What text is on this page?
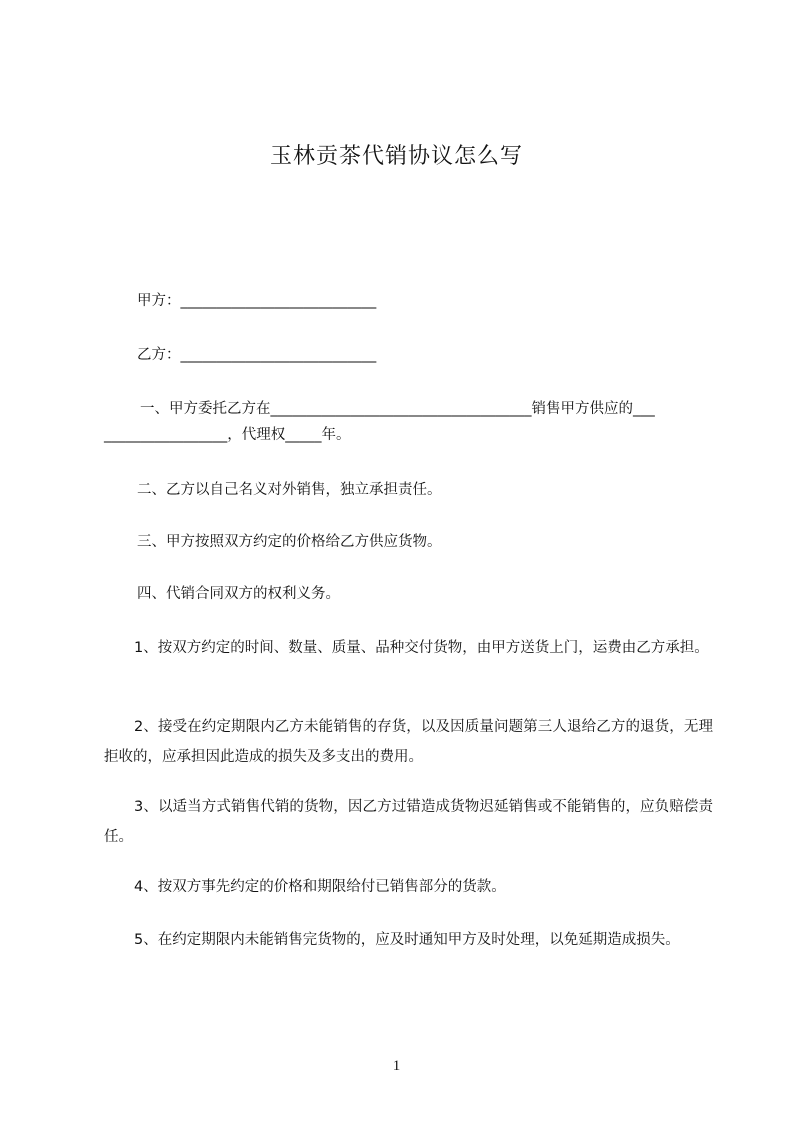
玉林贡茶代销协议怎么写
甲方：___________________________
乙方：___________________________
一、甲方委托乙方在____________________________________销售甲方供应的___
_________________，代理权_____年。
二、乙方以自己名义对外销售，独立承担责任。
三、甲方按照双方约定的价格给乙方供应货物。
四、代销合同双方的权利义务。
1、按双方约定的时间、数量、质量、品种交付货物，由甲方送货上门，运费由乙方承担。
2、接受在约定期限内乙方未能销售的存货，以及因质量问题第三人退给乙方的退货，无理拒收的，应承担因此造成的损失及多支出的费用。
3、以适当方式销售代销的货物，因乙方过错造成货物迟延销售或不能销售的，应负赔偿责任。
4、按双方事先约定的价格和期限给付已销售部分的货款。
5、在约定期限内未能销售完货物的，应及时通知甲方及时处理，以免延期造成损失。
1
